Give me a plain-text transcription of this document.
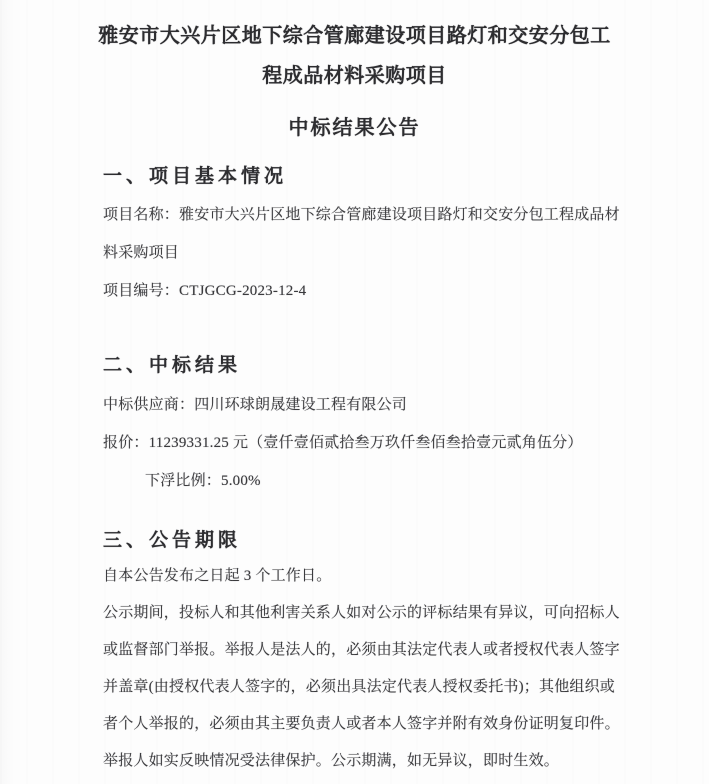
雅安市大兴片区地下综合管廊建设项目路灯和交安分包工
程成品材料采购项目
中标结果公告
一、项目基本情况
项目名称：雅安市大兴片区地下综合管廊建设项目路灯和交安分包工程成品材
料采购项目
项目编号：CTJGCG-2023-12-4
二、中标结果
中标供应商：四川环球朗晟建设工程有限公司
报价：11239331.25 元（壹仟壹佰贰拾叁万玖仟叁佰叁拾壹元贰角伍分）
下浮比例：5.00%
三、公告期限
自本公告发布之日起 3 个工作日。
公示期间，投标人和其他利害关系人如对公示的评标结果有异议，可向招标人
或监督部门举报。举报人是法人的，必须由其法定代表人或者授权代表人签字
并盖章(由授权代表人签字的，必须出具法定代表人授权委托书)；其他组织或
者个人举报的，必须由其主要负责人或者本人签字并附有效身份证明复印件。
举报人如实反映情况受法律保护。公示期满，如无异议，即时生效。
